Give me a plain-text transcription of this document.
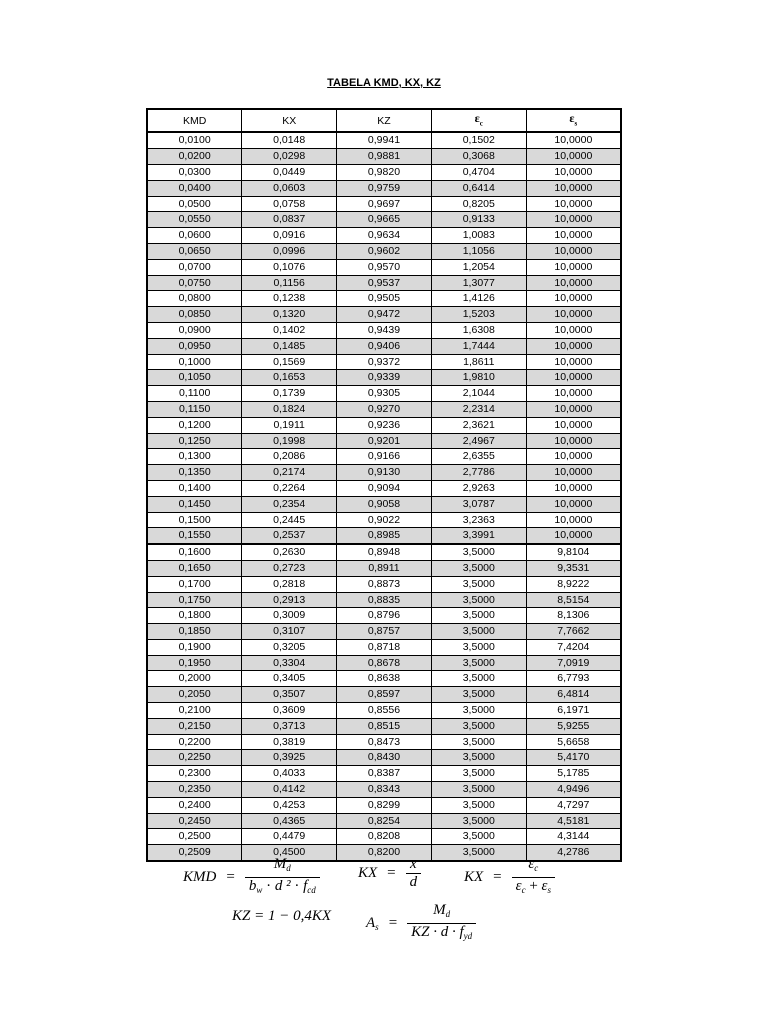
TABELA KMD, KX, KZ
KMD	KX	KZ	$\varepsilon_c$	$\varepsilon_s$
0,0100	0,0148	0,9941	0,1502	10,0000
0,0200	0,0298	0,9881	0,3068	10,0000
0,0300	0,0449	0,9820	0,4704	10,0000
0,0400	0,0603	0,9759	0,6414	10,0000
0,0500	0,0758	0,9697	0,8205	10,0000
0,0550	0,0837	0,9665	0,9133	10,0000
0,0600	0,0916	0,9634	1,0083	10,0000
0,0650	0,0996	0,9602	1,1056	10,0000
0,0700	0,1076	0,9570	1,2054	10,0000
0,0750	0,1156	0,9537	1,3077	10,0000
0,0800	0,1238	0,9505	1,4126	10,0000
0,0850	0,1320	0,9472	1,5203	10,0000
0,0900	0,1402	0,9439	1,6308	10,0000
0,0950	0,1485	0,9406	1,7444	10,0000
0,1000	0,1569	0,9372	1,8611	10,0000
0,1050	0,1653	0,9339	1,9810	10,0000
0,1100	0,1739	0,9305	2,1044	10,0000
0,1150	0,1824	0,9270	2,2314	10,0000
0,1200	0,1911	0,9236	2,3621	10,0000
0,1250	0,1998	0,9201	2,4967	10,0000
0,1300	0,2086	0,9166	2,6355	10,0000
0,1350	0,2174	0,9130	2,7786	10,0000
0,1400	0,2264	0,9094	2,9263	10,0000
0,1450	0,2354	0,9058	3,0787	10,0000
0,1500	0,2445	0,9022	3,2363	10,0000
0,1550	0,2537	0,8985	3,3991	10,0000
0,1600	0,2630	0,8948	3,5000	9,8104
0,1650	0,2723	0,8911	3,5000	9,3531
0,1700	0,2818	0,8873	3,5000	8,9222
0,1750	0,2913	0,8835	3,5000	8,5154
0,1800	0,3009	0,8796	3,5000	8,1306
0,1850	0,3107	0,8757	3,5000	7,7662
0,1900	0,3205	0,8718	3,5000	7,4204
0,1950	0,3304	0,8678	3,5000	7,0919
0,2000	0,3405	0,8638	3,5000	6,7793
0,2050	0,3507	0,8597	3,5000	6,4814
0,2100	0,3609	0,8556	3,5000	6,1971
0,2150	0,3713	0,8515	3,5000	5,9255
0,2200	0,3819	0,8473	3,5000	5,6658
0,2250	0,3925	0,8430	3,5000	5,4170
0,2300	0,4033	0,8387	3,5000	5,1785
0,2350	0,4142	0,8343	3,5000	4,9496
0,2400	0,4253	0,8299	3,5000	4,7297
0,2450	0,4365	0,8254	3,5000	4,5181
0,2500	0,4479	0,8208	3,5000	4,3144
0,2509	0,4500	0,8200	3,5000	4,2786
KMD = $\frac{M_d}{b_w \cdot d ^2 \cdot f_{cd}}$	KX = $\frac{x}{d}$	KX = $\frac{\varepsilon_c}{\varepsilon_c + \varepsilon_s}$
KZ = 1 − 0,4KX $A_s = \frac{M_d}{KZ \cdot d \cdot f_{yd}}$
